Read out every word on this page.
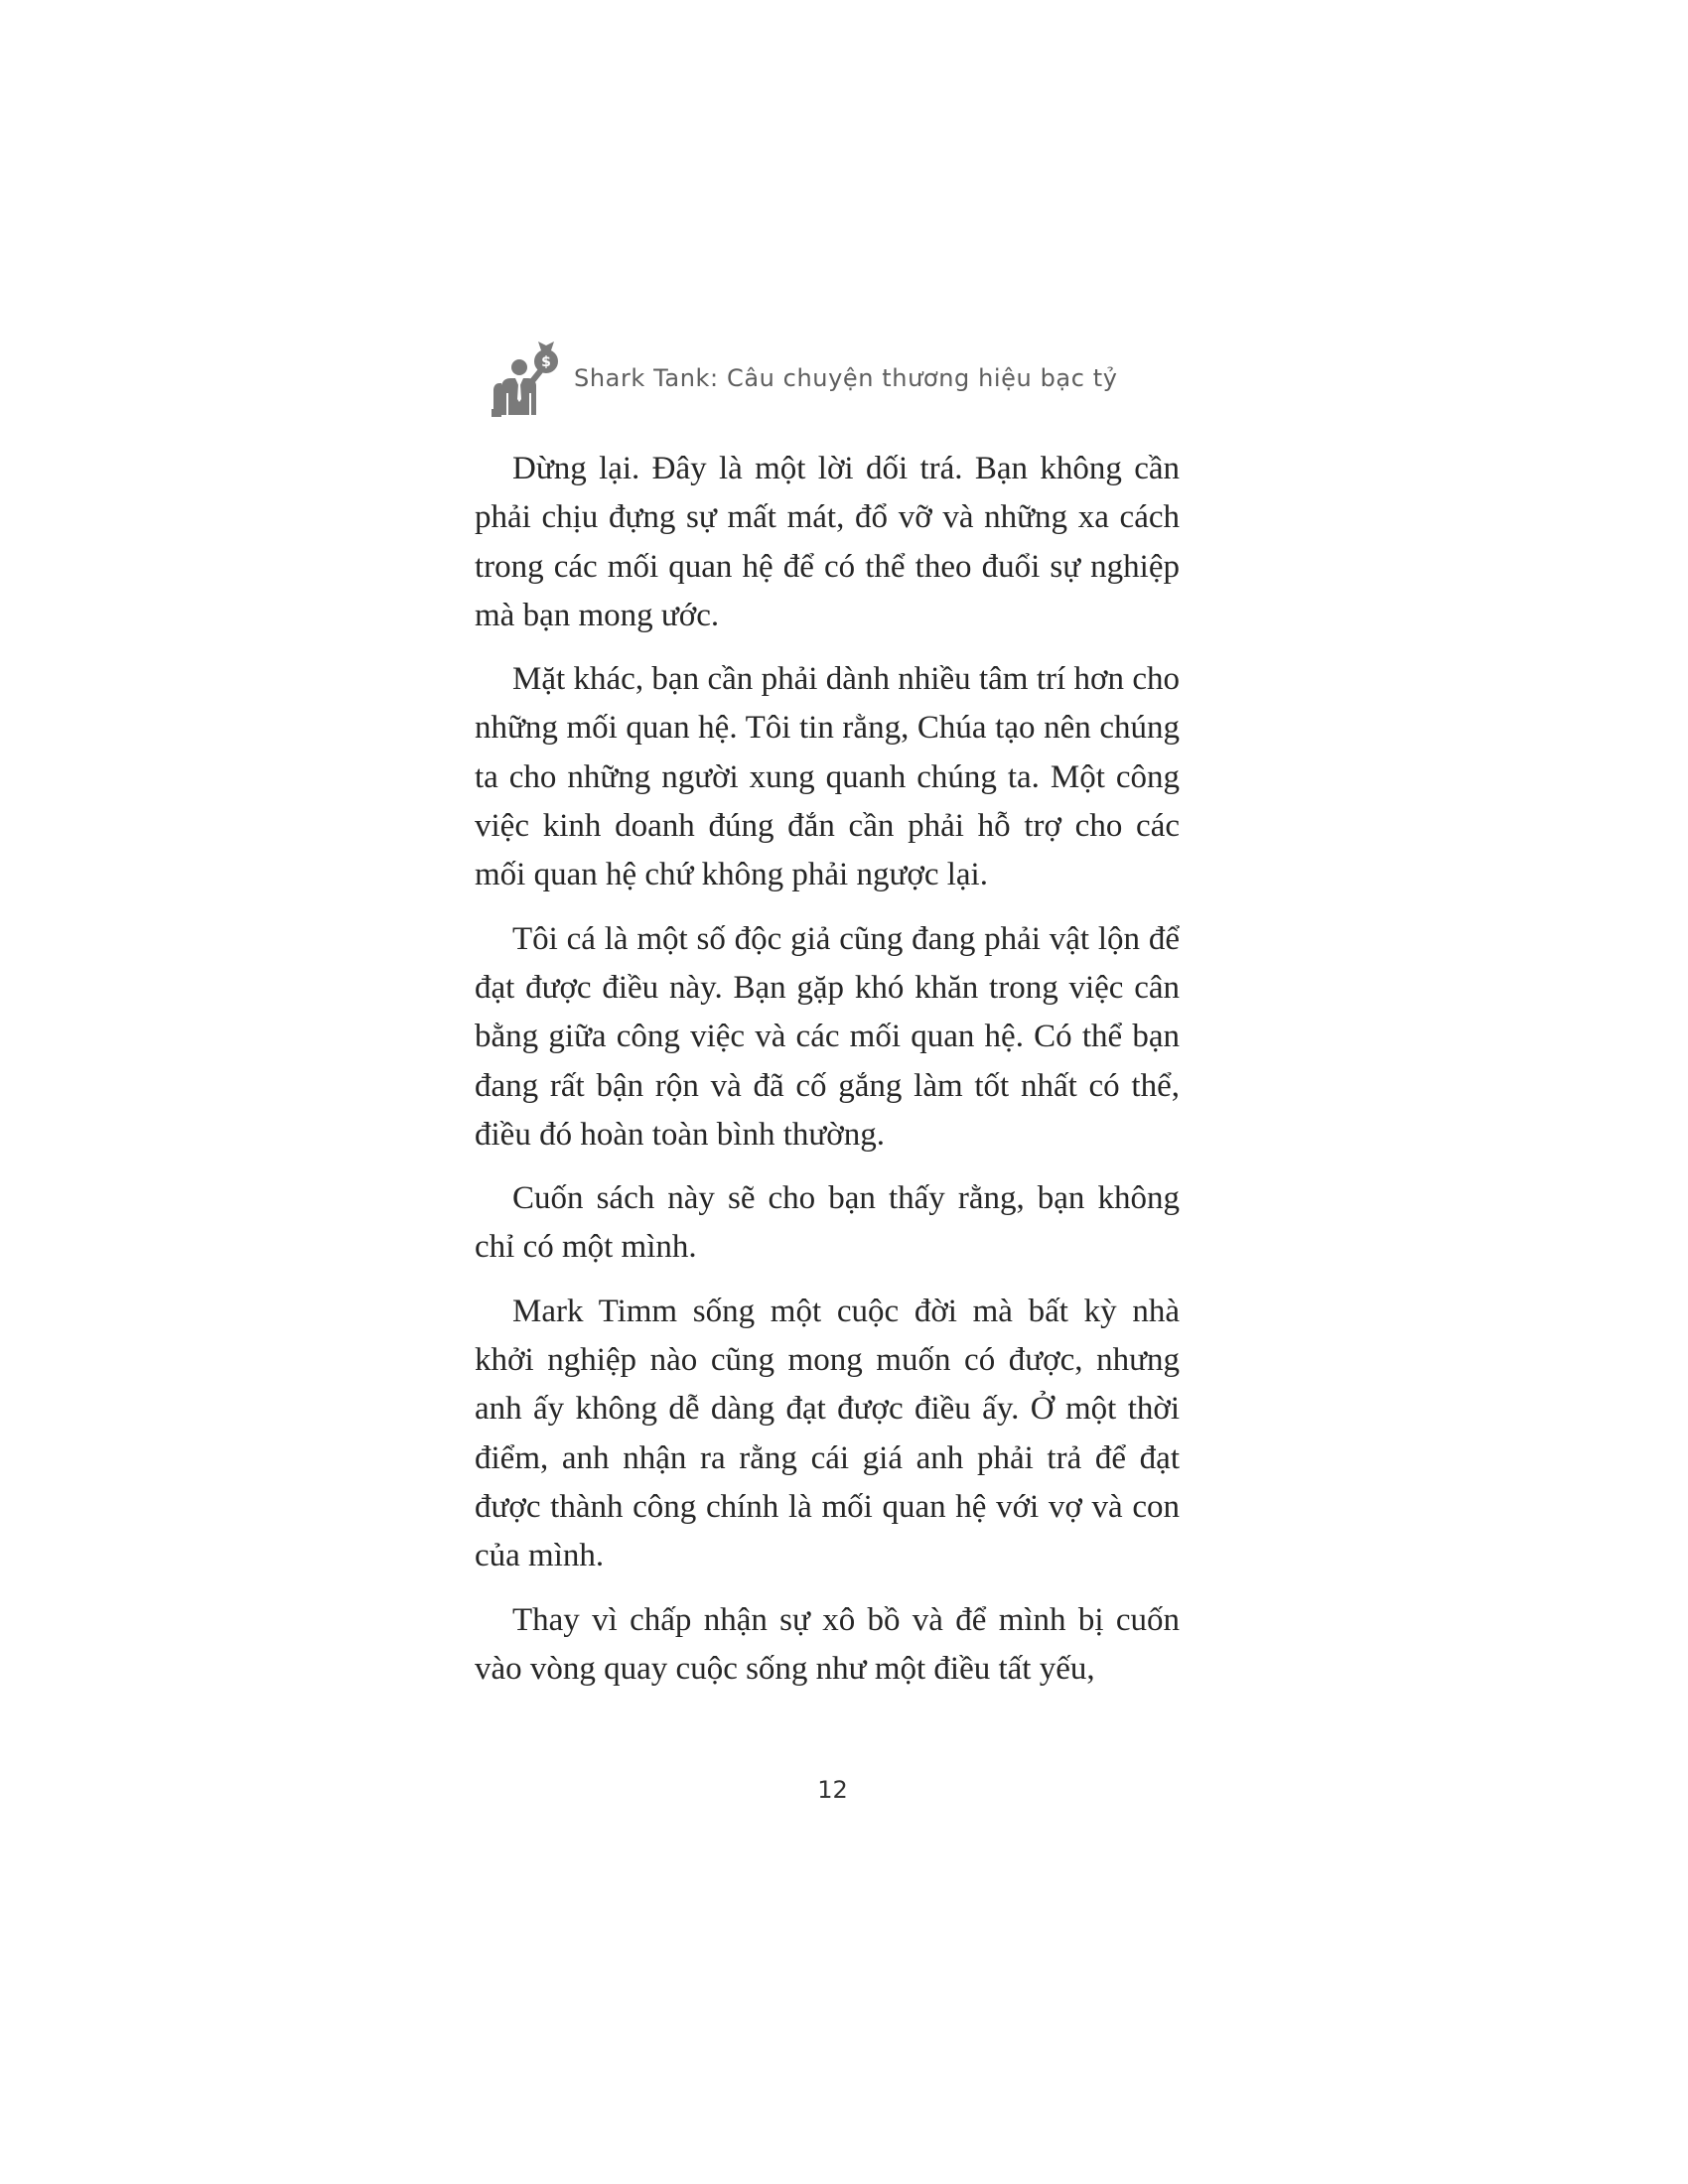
$
Shark Tank: Câu chuyện thương hiệu bạc tỷ

Dừng lại. Đây là một lời dối trá. Bạn không cần phải chịu đựng sự mất mát, đổ vỡ và những xa cách trong các mối quan hệ để có thể theo đuổi sự nghiệp mà bạn mong ước.

Mặt khác, bạn cần phải dành nhiều tâm trí hơn cho những mối quan hệ. Tôi tin rằng, Chúa tạo nên chúng ta cho những người xung quanh chúng ta. Một công việc kinh doanh đúng đắn cần phải hỗ trợ cho các mối quan hệ chứ không phải ngược lại.

Tôi cá là một số độc giả cũng đang phải vật lộn để đạt được điều này. Bạn gặp khó khăn trong việc cân bằng giữa công việc và các mối quan hệ. Có thể bạn đang rất bận rộn và đã cố gắng làm tốt nhất có thể, điều đó hoàn toàn bình thường.

Cuốn sách này sẽ cho bạn thấy rằng, bạn không chỉ có một mình.

Mark Timm sống một cuộc đời mà bất kỳ nhà khởi nghiệp nào cũng mong muốn có được, nhưng anh ấy không dễ dàng đạt được điều ấy. Ở một thời điểm, anh nhận ra rằng cái giá anh phải trả để đạt được thành công chính là mối quan hệ với vợ và con của mình.

Thay vì chấp nhận sự xô bồ và để mình bị cuốn vào vòng quay cuộc sống như một điều tất yếu,

12
